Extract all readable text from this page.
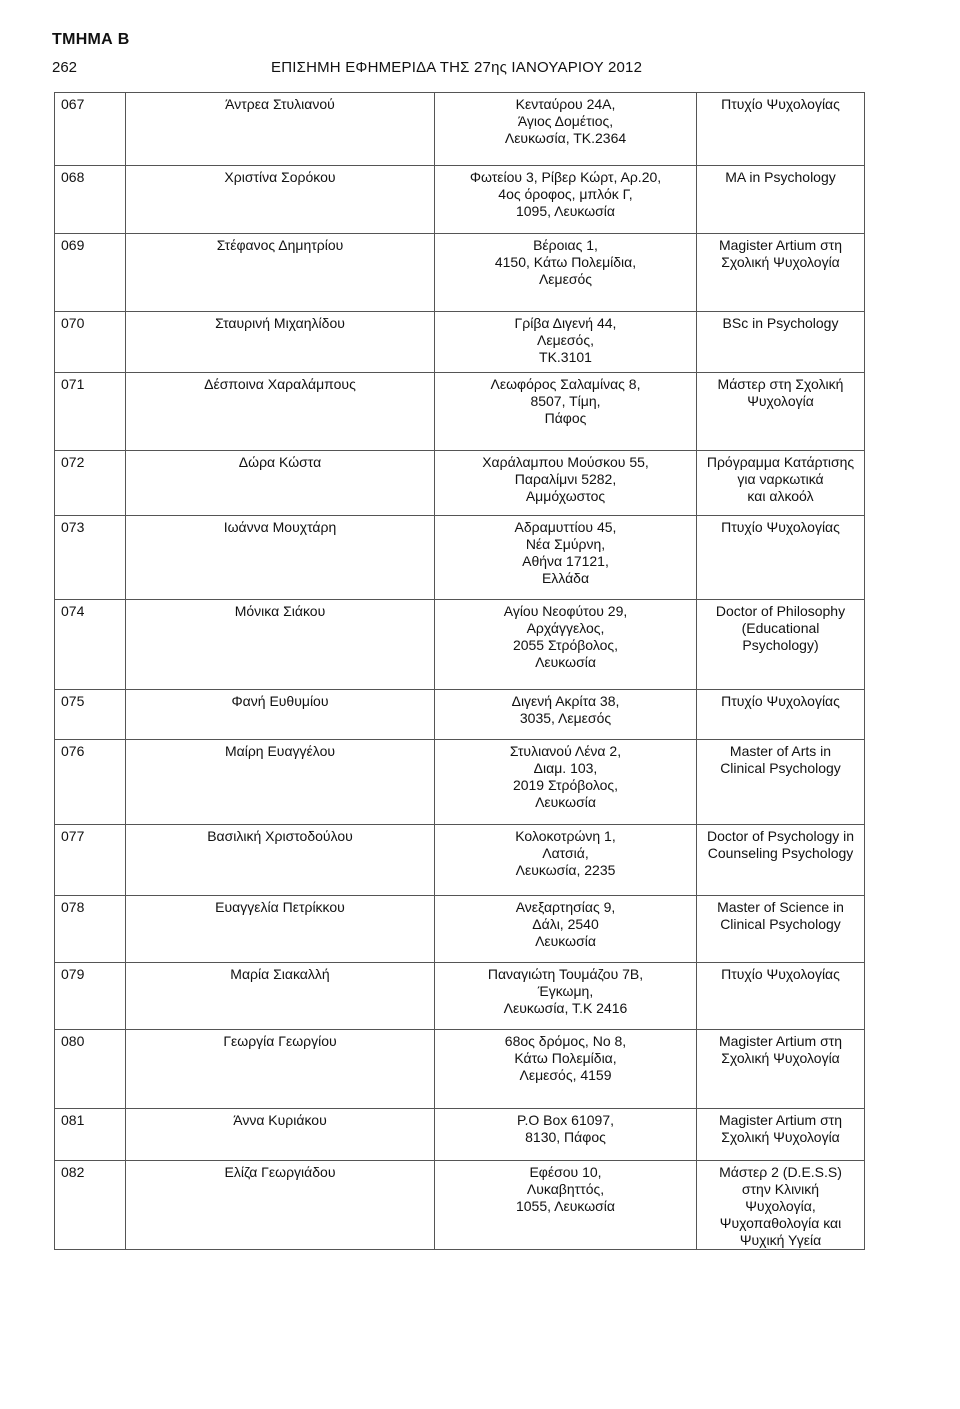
ΤΜΗΜΑ Β
262	ΕΠΙΣΗΜΗ ΕΦΗΜΕΡΙΔΑ ΤΗΣ 27ης ΙΑΝΟΥΑΡΙΟΥ 2012
067	Άντρεα Στυλιανού	Κενταύρου 24Α,
Άγιος Δομέτιος,
Λευκωσία, ΤΚ.2364	Πτυχίο Ψυχολογίας
068	Χριστίνα Σορόκου	Φωτείου 3, Ρίβερ Κώρτ, Αρ.20,
4ος όροφος, μπλόκ Γ,
1095, Λευκωσία	MA in Psychology
069	Στέφανος Δημητρίου	Βέροιας 1,
4150, Κάτω Πολεμίδια,
Λεμεσός	Magister Artium στη
Σχολική Ψυχολογία
070	Σταυρινή Μιχαηλίδου	Γρίβα Διγενή 44,
Λεμεσός,
ΤΚ.3101	BSc in Psychology
071	Δέσποινα Χαραλάμπους	Λεωφόρος Σαλαμίνας 8,
8507, Τίμη,
Πάφος	Μάστερ στη Σχολική
Ψυχολογία
072	Δώρα Κώστα	Χαράλαμπου Μούσκου 55,
Παραλίμνι 5282,
Αμμόχωστος	Πρόγραμμα Κατάρτισης
για ναρκωτικά
και αλκοόλ
073	Ιωάννα Μουχτάρη	Αδραμυττίου 45,
Νέα Σμύρνη,
Αθήνα 17121,
Ελλάδα	Πτυχίο Ψυχολογίας
074	Μόνικα Σιάκου	Αγίου Νεοφύτου 29,
Αρχάγγελος,
2055 Στρόβολος,
Λευκωσία	Doctor of Philosophy
(Educational
Psychology)
075	Φανή Ευθυμίου	Διγενή Ακρίτα 38,
3035, Λεμεσός	Πτυχίο Ψυχολογίας
076	Μαίρη Ευαγγέλου	Στυλιανού Λένα 2,
Διαμ. 103,
2019 Στρόβολος,
Λευκωσία	Master of Arts in
Clinical Psychology
077	Βασιλική Χριστοδούλου	Κολοκοτρώνη 1,
Λατσιά,
Λευκωσία, 2235	Doctor of Psychology in
Counseling Psychology
078	Ευαγγελία Πετρίκκου	Ανεξαρτησίας 9,
Δάλι, 2540
Λευκωσία	Master of Science in
Clinical Psychology
079	Μαρία Σιακαλλή	Παναγιώτη Τουμάζου 7Β,
Έγκωμη,
Λευκωσία, Τ.Κ 2416	Πτυχίο Ψυχολογίας
080	Γεωργία Γεωργίου	68ος δρόμος, Νο 8,
Κάτω Πολεμίδια,
Λεμεσός, 4159	Magister Artium στη
Σχολική Ψυχολογία
081	Άννα Κυριάκου	P.O Box 61097,
8130, Πάφος	Magister Artium στη
Σχολική Ψυχολογία
082	Ελίζα Γεωργιάδου	Εφέσου 10,
Λυκαβηττός,
1055, Λευκωσία	Μάστερ 2 (D.E.S.S)
στην Κλινική
Ψυχολογία,
Ψυχοπαθολογία και
Ψυχική Υγεία
